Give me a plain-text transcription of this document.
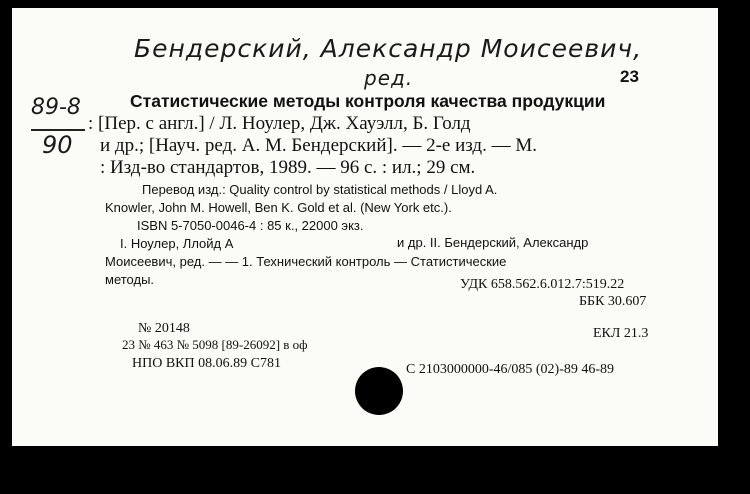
Бендерский, Александр Моисеевич,
ред.	23
89-8
90
Статистические методы контроля качества продукции
: [Пер. с англ.] / Л. Ноулер, Дж. Хауэлл, Б. Голд
и др.; [Науч. ред. А. М. Бендерский]. — 2-е изд. — М.
: Изд-во стандартов, 1989. — 96 с. : ил.; 29 см.
Перевод изд.: Quality control by statistical methods / Lloyd A.
Knowler, John M. Howell, Ben K. Gold et al. (New York etc.).
ISBN 5-7050-0046-4 : 85 к., 22000 экз.
I. Ноулер, Ллойд А	и др. II. Бендерский, Александр
Моисеевич, ред. — — 1. Технический контроль — Статистические
методы.	УДК 658.562.6.012.7:519.22
ББК 30.607
№ 20148	ЕКЛ 21.3
23 № 463 № 5098 [89-26092] в оф
НПО ВКП 08.06.89 С781	С 2103000000-46/085 (02)-89 46-89
